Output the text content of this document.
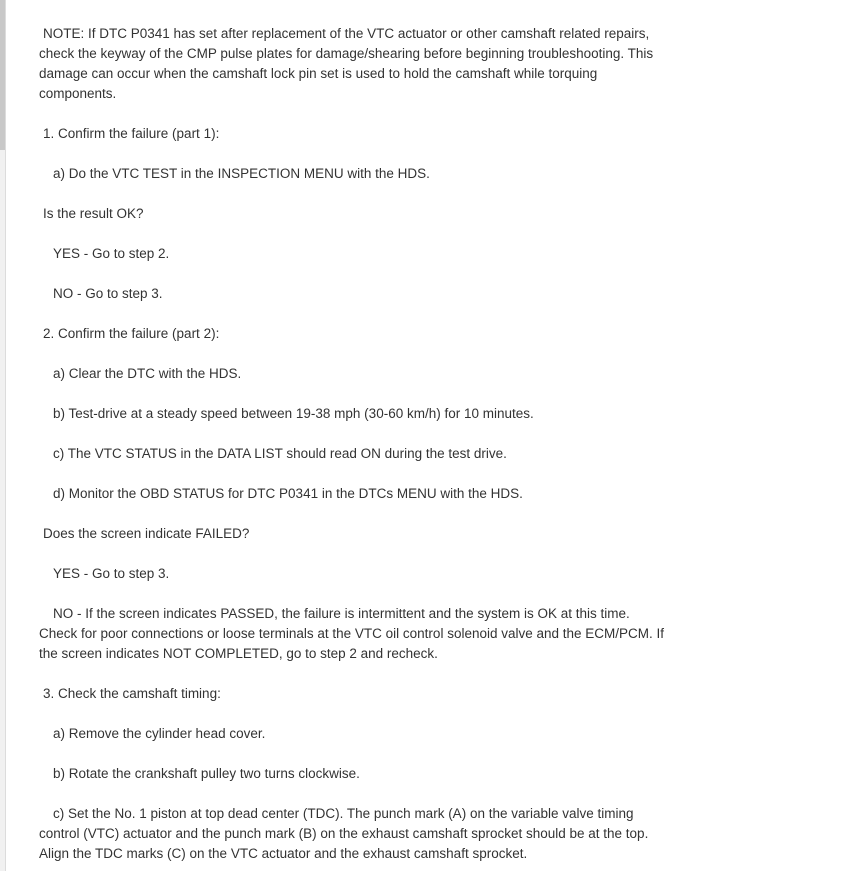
NOTE: If DTC P0341 has set after replacement of the VTC actuator or other camshaft related repairs, check the keyway of the CMP pulse plates for damage/shearing before beginning troubleshooting. This damage can occur when the camshaft lock pin set is used to hold the camshaft while torquing components.

1. Confirm the failure (part 1):

a) Do the VTC TEST in the INSPECTION MENU with the HDS.

Is the result OK?

YES - Go to step 2.

NO - Go to step 3.

2. Confirm the failure (part 2):

a) Clear the DTC with the HDS.

b) Test-drive at a steady speed between 19-38 mph (30-60 km/h) for 10 minutes.

c) The VTC STATUS in the DATA LIST should read ON during the test drive.

d) Monitor the OBD STATUS for DTC P0341 in the DTCs MENU with the HDS.

Does the screen indicate FAILED?

YES - Go to step 3.

NO - If the screen indicates PASSED, the failure is intermittent and the system is OK at this time. Check for poor connections or loose terminals at the VTC oil control solenoid valve and the ECM/PCM. If the screen indicates NOT COMPLETED, go to step 2 and recheck.

3. Check the camshaft timing:

a) Remove the cylinder head cover.

b) Rotate the crankshaft pulley two turns clockwise.

c) Set the No. 1 piston at top dead center (TDC). The punch mark (A) on the variable valve timing control (VTC) actuator and the punch mark (B) on the exhaust camshaft sprocket should be at the top. Align the TDC marks (C) on the VTC actuator and the exhaust camshaft sprocket.
